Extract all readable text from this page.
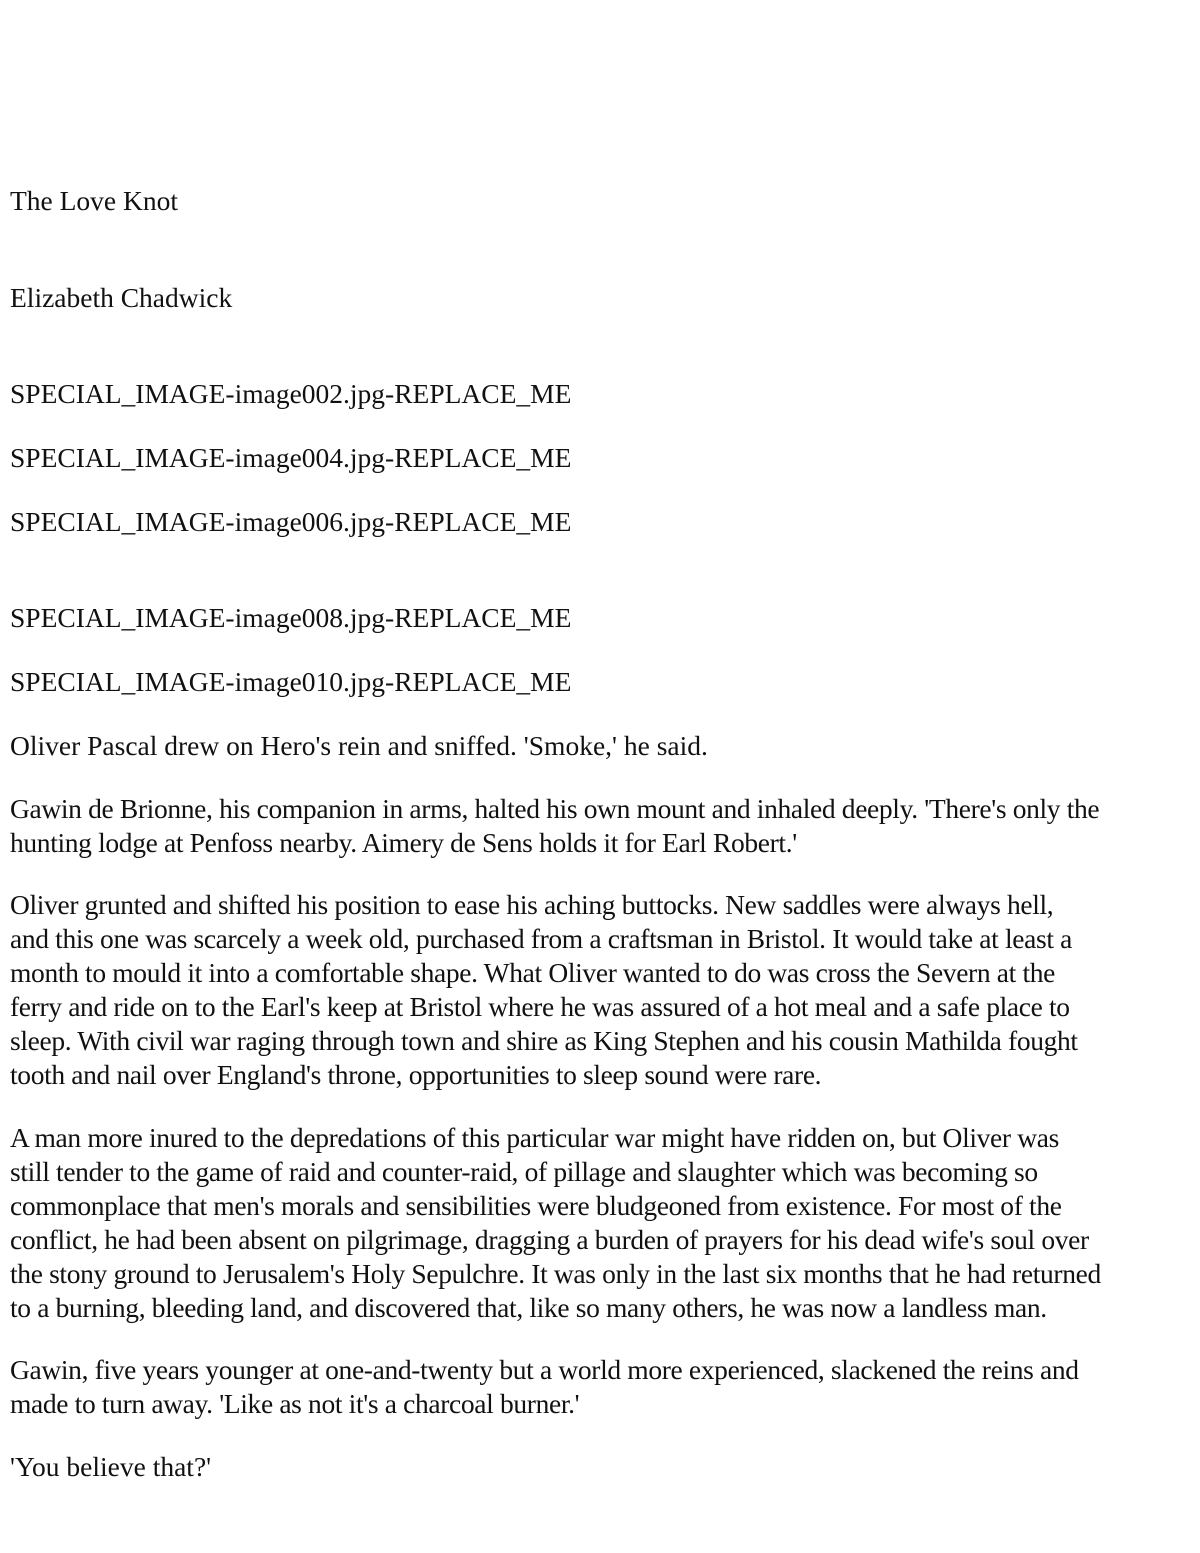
The Love Knot
Elizabeth Chadwick
SPECIAL_IMAGE-image002.jpg-REPLACE_ME
SPECIAL_IMAGE-image004.jpg-REPLACE_ME
SPECIAL_IMAGE-image006.jpg-REPLACE_ME
SPECIAL_IMAGE-image008.jpg-REPLACE_ME
SPECIAL_IMAGE-image010.jpg-REPLACE_ME

Oliver Pascal drew on Hero's rein and sniffed. 'Smoke,' he said.

Gawin de Brionne, his companion in arms, halted his own mount and inhaled deeply. 'There's only the
hunting lodge at Penfoss nearby. Aimery de Sens holds it for Earl Robert.'

Oliver grunted and shifted his position to ease his aching buttocks. New saddles were always hell,
and this one was scarcely a week old, purchased from a craftsman in Bristol. It would take at least a
month to mould it into a comfortable shape. What Oliver wanted to do was cross the Severn at the
ferry and ride on to the Earl's keep at Bristol where he was assured of a hot meal and a safe place to
sleep. With civil war raging through town and shire as King Stephen and his cousin Mathilda fought
tooth and nail over England's throne, opportunities to sleep sound were rare.

A man more inured to the depredations of this particular war might have ridden on, but Oliver was
still tender to the game of raid and counter-raid, of pillage and slaughter which was becoming so
commonplace that men's morals and sensibilities were bludgeoned from existence. For most of the
conflict, he had been absent on pilgrimage, dragging a burden of prayers for his dead wife's soul over
the stony ground to Jerusalem's Holy Sepulchre. It was only in the last six months that he had returned
to a burning, bleeding land, and discovered that, like so many others, he was now a landless man.

Gawin, five years younger at one-and-twenty but a world more experienced, slackened the reins and
made to turn away. 'Like as not it's a charcoal burner.'

'You believe that?'
